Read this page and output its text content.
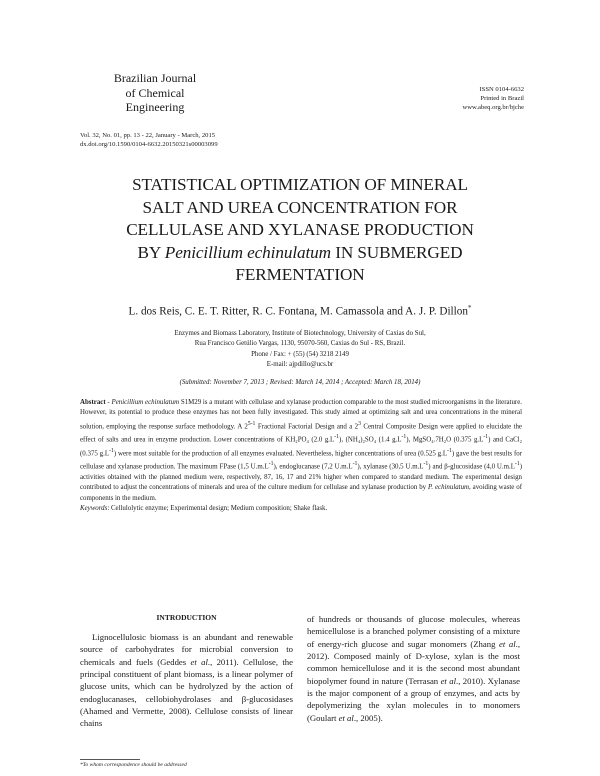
Brazilian Journal
of Chemical
Engineering
ISSN 0104-6632
Printed in Brazil
www.abeq.org.br/bjche
Vol. 32, No. 01, pp. 13 - 22, January - March, 2015
dx.doi.org/10.1590/0104-6632.20150321s00003099
STATISTICAL OPTIMIZATION OF MINERAL
SALT AND UREA CONCENTRATION FOR
CELLULASE AND XYLANASE PRODUCTION
BY Penicillium echinulatum IN SUBMERGED
FERMENTATION
L. dos Reis, C. E. T. Ritter, R. C. Fontana, M. Camassola and A. J. P. Dillon*
Enzymes and Biomass Laboratory, Institute of Biotechnology, University of Caxias do Sul,
Rua Francisco Getúlio Vargas, 1130, 95070-560, Caxias do Sul - RS, Brazil.
Phone / Fax: + (55) (54) 3218 2149
E-mail: ajpdillo@ucs.br
(Submitted: November 7, 2013 ; Revised: March 14, 2014 ; Accepted: March 18, 2014)
Abstract - Penicillium echinulatum S1M29 is a mutant with cellulase and xylanase production comparable to the most studied microorganisms in the literature. However, its potential to produce these enzymes has not been fully investigated. This study aimed at optimizing salt and urea concentrations in the mineral solution, employing the response surface methodology. A 2$^{5-1}$ Fractional Factorial Design and a $2^3$ Central Composite Design were applied to elucidate the effect of salts and urea in enzyme production. Lower concentrations of KH₂PO₄ (2.0 $g.L^{-1}$), (NH₄)₂SO₄ (1.4 $g.L^{-1}$), MgSO₄.7H₂O (0.375 $g.L^{-1}$) and CaCl₂ (0.375 $g.L^{-1}$) were most suitable for the production of all enzymes evaluated. Nevertheless, higher concentrations of urea (0.525 $g.L^{-1}$) gave the best results for cellulase and xylanase production. The maximum FPase (1,5 $U.m.L^{-1}$), endoglucanase (7,2 $U.m.L^{-1}$), xylanase (30,5 $U.m.L^{-1}$) and β-glucosidase (4,0 $U.m.L^{-1}$) activities obtained with the planned medium were, respectively, 87, 16, 17 and 21% higher when compared to standard medium. The experimental design contributed to adjust the concentrations of minerals and urea of the culture medium for cellulase and xylanase production by P. echinulatum, avoiding waste of components in the medium.
Keywords: Cellulolytic enzyme; Experimental design; Medium composition; Shake flask.
INTRODUCTION
Lignocellulosic biomass is an abundant and renewable source of carbohydrates for microbial conversion to chemicals and fuels (Geddes et al., 2011). Cellulose, the principal constituent of plant biomass, is a linear polymer of glucose units, which can be hydrolyzed by the action of endoglucanases, cellobiohydrolases and β-glucosidases (Ahamed and Vermette, 2008). Cellulose consists of linear chains
of hundreds or thousands of glucose molecules, whereas hemicellulose is a branched polymer consisting of a mixture of energy-rich glucose and sugar monomers (Zhang et al., 2012). Composed mainly of D-xylose, xylan is the most common hemicellulose and it is the second most abundant biopolymer found in nature (Terrasan et al., 2010). Xylanase is the major component of a group of enzymes, and acts by depolymerizing the xylan molecules in to monomers (Goulart et al., 2005).
*To whom correspondence should be addressed
